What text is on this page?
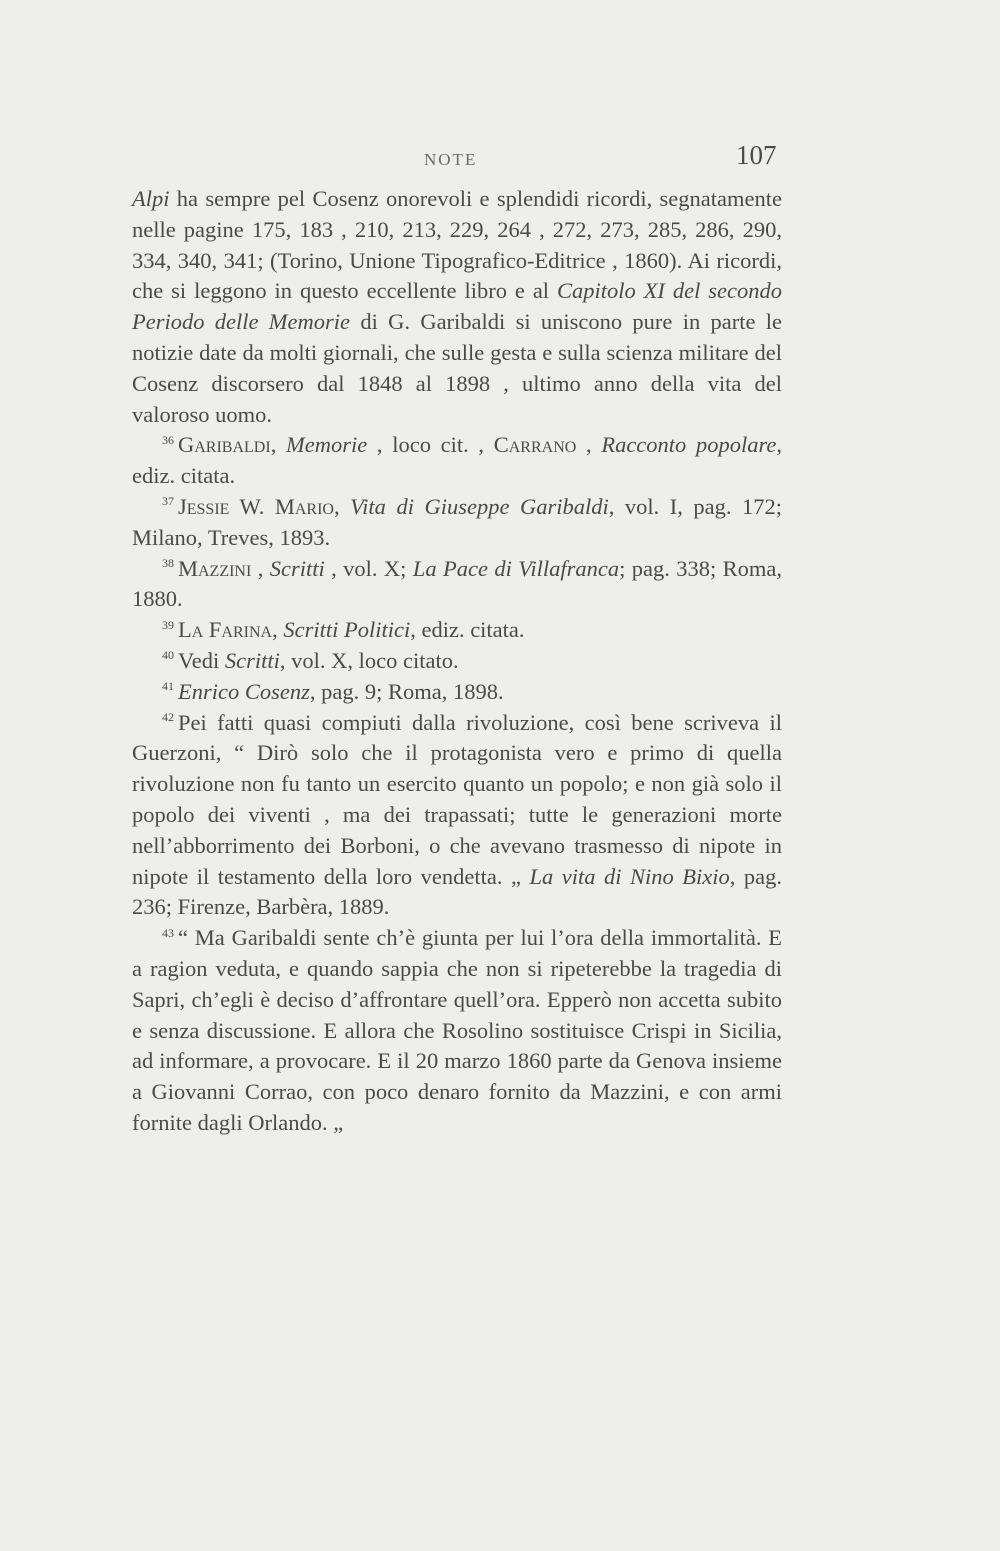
NOTE	107

Alpi ha sempre pel Cosenz onorevoli e splendidi ricordi, segnatamente nelle pagine 175, 183 , 210, 213, 229, 264 , 272, 273, 285, 286, 290, 334, 340, 341; (Torino, Unione Tipografico-Editrice , 1860). Ai ricordi, che si leggono in questo eccellente libro e al Capitolo XI del secondo Periodo delle Memorie di G. Garibaldi si uniscono pure in parte le notizie date da molti giornali, che sulle gesta e sulla scienza militare del Cosenz discorsero dal 1848 al 1898 , ultimo anno della vita del valoroso uomo.

$^{36}$ Garibaldi, Memorie , loco cit. , Carrano , Racconto popolare, ediz. citata.

$^{37}$ Jessie W. Mario, Vita di Giuseppe Garibaldi, vol. I, pag. 172; Milano, Treves, 1893.

$^{38}$ Mazzini , Scritti , vol. X; La Pace di Villafranca; pag. 338; Roma, 1880.

$^{39}$ La Farina, Scritti Politici, ediz. citata.

$^{40}$ Vedi Scritti, vol. X, loco citato.

$^{41}$ Enrico Cosenz, pag. 9; Roma, 1898.

$^{42}$ Pei fatti quasi compiuti dalla rivoluzione, così bene scriveva il Guerzoni, “ Dirò solo che il protagonista vero e primo di quella rivoluzione non fu tanto un esercito quanto un popolo; e non già solo il popolo dei viventi , ma dei trapassati; tutte le generazioni morte nell’abborrimento dei Borboni, o che avevano trasmesso di nipote in nipote il testamento della loro vendetta. „ La vita di Nino Bixio, pag. 236; Firenze, Barbèra, 1889.

$^{43}$ “ Ma Garibaldi sente ch’è giunta per lui l’ora della immortalità. E a ragion veduta, e quando sappia che non si ripeterebbe la tragedia di Sapri, ch’egli è deciso d’affrontare quell’ora. Epperò non accetta subito e senza discussione. E allora che Rosolino sostituisce Crispi in Sicilia, ad informare, a provocare. E il 20 marzo 1860 parte da Genova insieme a Giovanni Corrao, con poco denaro fornito da Mazzini, e con armi fornite dagli Orlando. „
